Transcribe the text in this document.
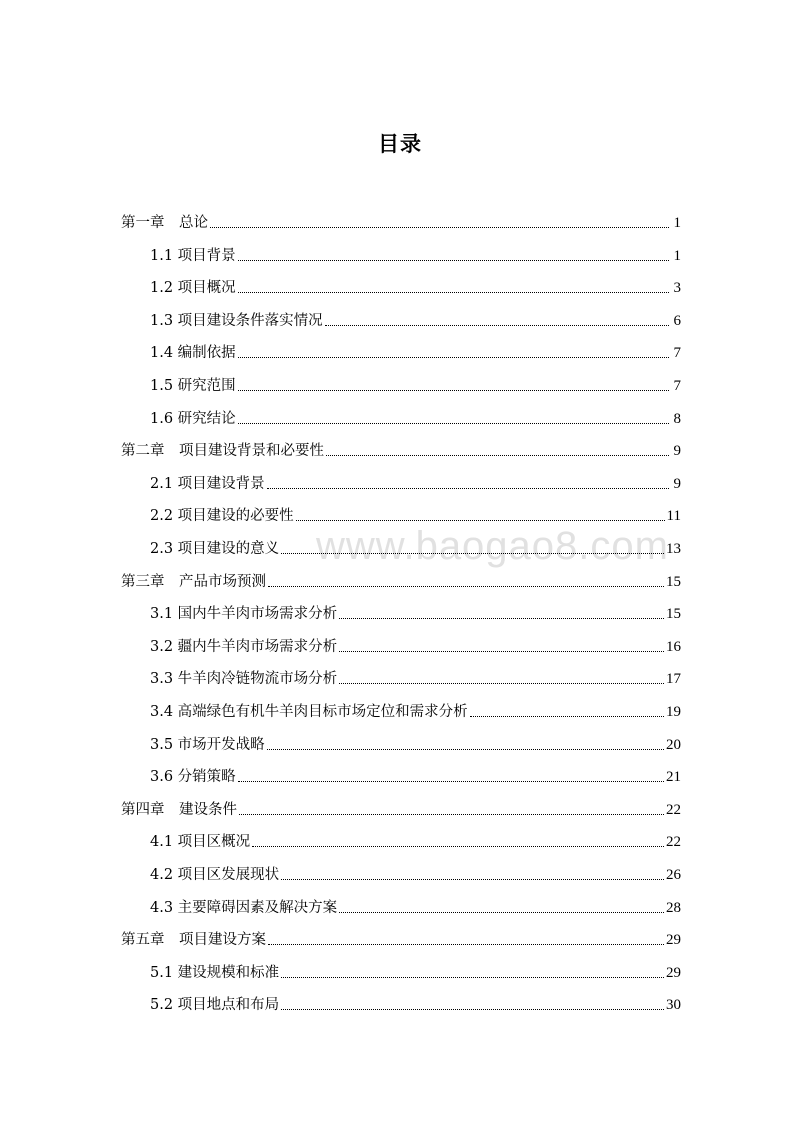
目录
www.baogao8.com
第一章　 总论	1
1.1 项目背景	1
1.2 项目概况	3
1.3 项目建设条件落实情况	6
1.4 编制依据	7
1.5 研究范围	7
1.6 研究结论	8
第二章　 项目建设背景和必要性	9
2.1 项目建设背景	9
2.2 项目建设的必要性	11
2.3 项目建设的意义	13
第三章　 产品市场预测	15
3.1 国内牛羊肉市场需求分析	15
3.2 疆内牛羊肉市场需求分析	16
3.3 牛羊肉冷链物流市场分析	17
3.4 高端绿色有机牛羊肉目标市场定位和需求分析	19
3.5 市场开发战略	20
3.6 分销策略	21
第四章　 建设条件	22
4.1 项目区概况	22
4.2 项目区发展现状	26
4.3 主要障碍因素及解决方案	28
第五章　 项目建设方案	29
5.1 建设规模和标准	29
5.2 项目地点和布局	30
